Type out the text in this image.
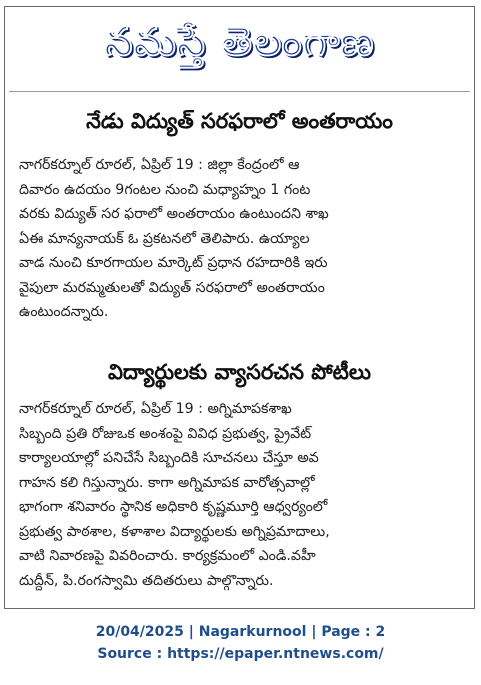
నమస్తే తెలంగాణ
నేడు విద్యుత్ సరఫరాలో అంతరాయం
నాగర్‌కర్నూల్ రూరల్, ఏప్రిల్ 19 : జిల్లా కేంద్రంలో ఆ
దివారం ఉదయం 9గంటల నుంచి మధ్యాహ్నం 1 గంట
వరకు విద్యుత్ సర ఫరాలో అంతరాయం ఉంటుందని శాఖ
ఏఈ మాన్యనాయక్ ఓ ప్రకటనలో తెలిపారు. ఉయ్యాల
వాడ నుంచి కూరగాయల మార్కెట్ ప్రధాన రహదారికి ఇరు
వైపులా మరమ్మతులతో విద్యుత్ సరఫరాలో అంతరాయం
ఉంటుందన్నారు.
విద్యార్థులకు వ్యాసరచన పోటీలు
నాగర్‌కర్నూల్ రూరల్, ఏప్రిల్ 19 : అగ్నిమాపకశాఖ
సిబ్బంది ప్రతి రోజుఒక అంశంపై వివిధ ప్రభుత్వ, ప్రైవేట్
కార్యాలయాల్లో పనిచేసే సిబ్బందికి సూచనలు చేస్తూ అవ
గాహన కలి గిస్తున్నారు. కాగా అగ్నిమాపక వారోత్సవాల్లో
భాగంగా శనివారం స్థానిక అధికారి కృష్ణమూర్తి ఆధ్వర్యంలో
ప్రభుత్వ పాఠశాల, కళాశాల విద్యార్థులకు అగ్నిప్రమాదాలు,
వాటి నివారణపై వివరించారు. కార్యక్రమంలో ఎండి.వహీ
దుద్దీన్, పి.రంగస్వామి తదితరులు పాల్గొన్నారు.
20/04/2025 | Nagarkurnool | Page : 2
Source : https://epaper.ntnews.com/
